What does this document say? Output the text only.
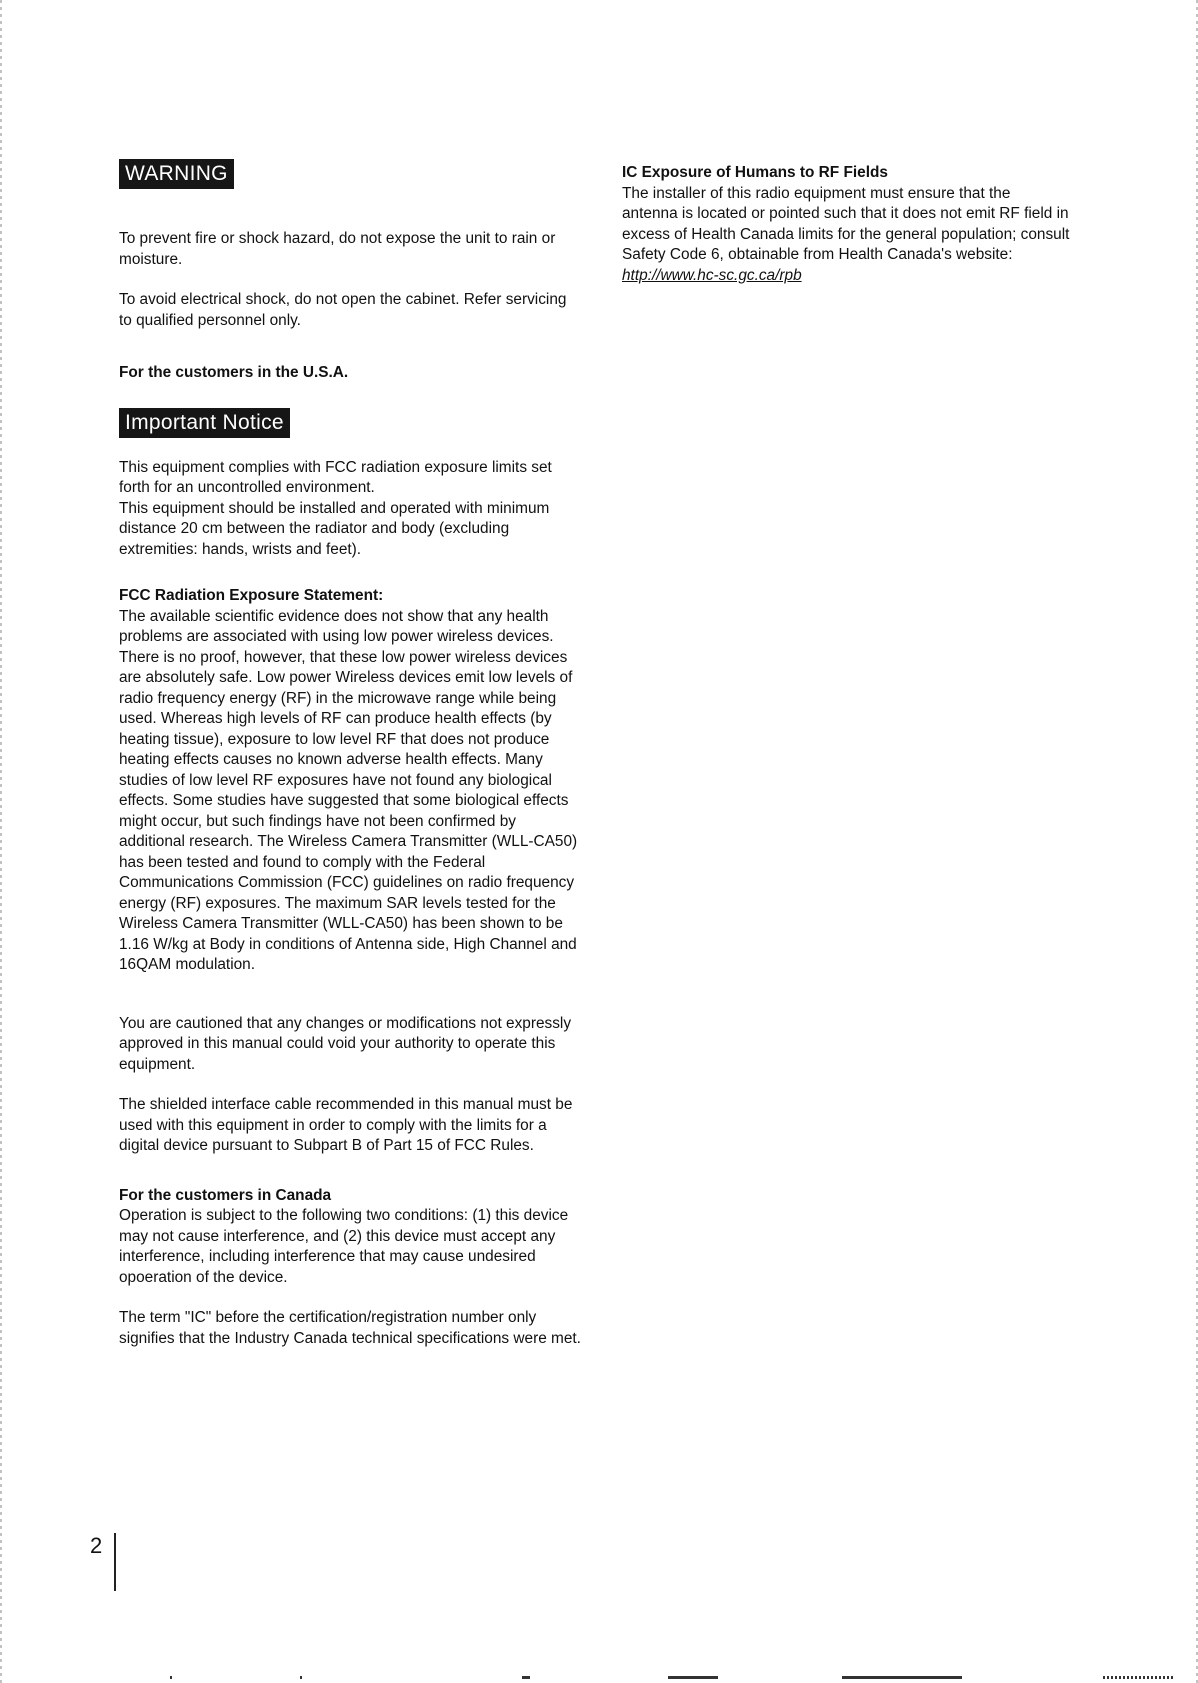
WARNING

To prevent fire or shock hazard, do not expose the unit to rain or moisture.

To avoid electrical shock, do not open the cabinet. Refer servicing to qualified personnel only.

For the customers in the U.S.A.
Important Notice

This equipment complies with FCC radiation exposure limits set forth for an uncontrolled environment.

This equipment should be installed and operated with minimum distance 20 cm between the radiator and body (excluding extremities: hands, wrists and feet).

FCC Radiation Exposure Statement:

The available scientific evidence does not show that any health problems are associated with using low power wireless devices. There is no proof, however, that these low power wireless devices are absolutely safe. Low power Wireless devices emit low levels of radio frequency energy (RF) in the microwave range while being used. Whereas high levels of RF can produce health effects (by heating tissue), exposure to low level RF that does not produce heating effects causes no known adverse health effects. Many studies of low level RF exposures have not found any biological effects. Some studies have suggested that some biological effects might occur, but such findings have not been confirmed by additional research. The Wireless Camera Transmitter (WLL-CA50) has been tested and found to comply with the Federal Communications Commission (FCC) guidelines on radio frequency energy (RF) exposures. The maximum SAR levels tested for the Wireless Camera Transmitter (WLL-CA50) has been shown to be 1.16 W/kg at Body in conditions of Antenna side, High Channel and 16QAM modulation.

You are cautioned that any changes or modifications not expressly approved in this manual could void your authority to operate this equipment.

The shielded interface cable recommended in this manual must be used with this equipment in order to comply with the limits for a digital device pursuant to Subpart B of Part 15 of FCC Rules.

For the customers in Canada

Operation is subject to the following two conditions: (1) this device may not cause interference, and (2) this device must accept any interference, including interference that may cause undesired opoeration of the device.

The term "IC" before the certification/registration number only signifies that the Industry Canada technical specifications were met.

IC Exposure of Humans to RF Fields

The installer of this radio equipment must ensure that the antenna is located or pointed such that it does not emit RF field in excess of Health Canada limits for the general population; consult Safety Code 6, obtainable from Health Canada's website: http://www.hc-sc.gc.ca/rpb

2
